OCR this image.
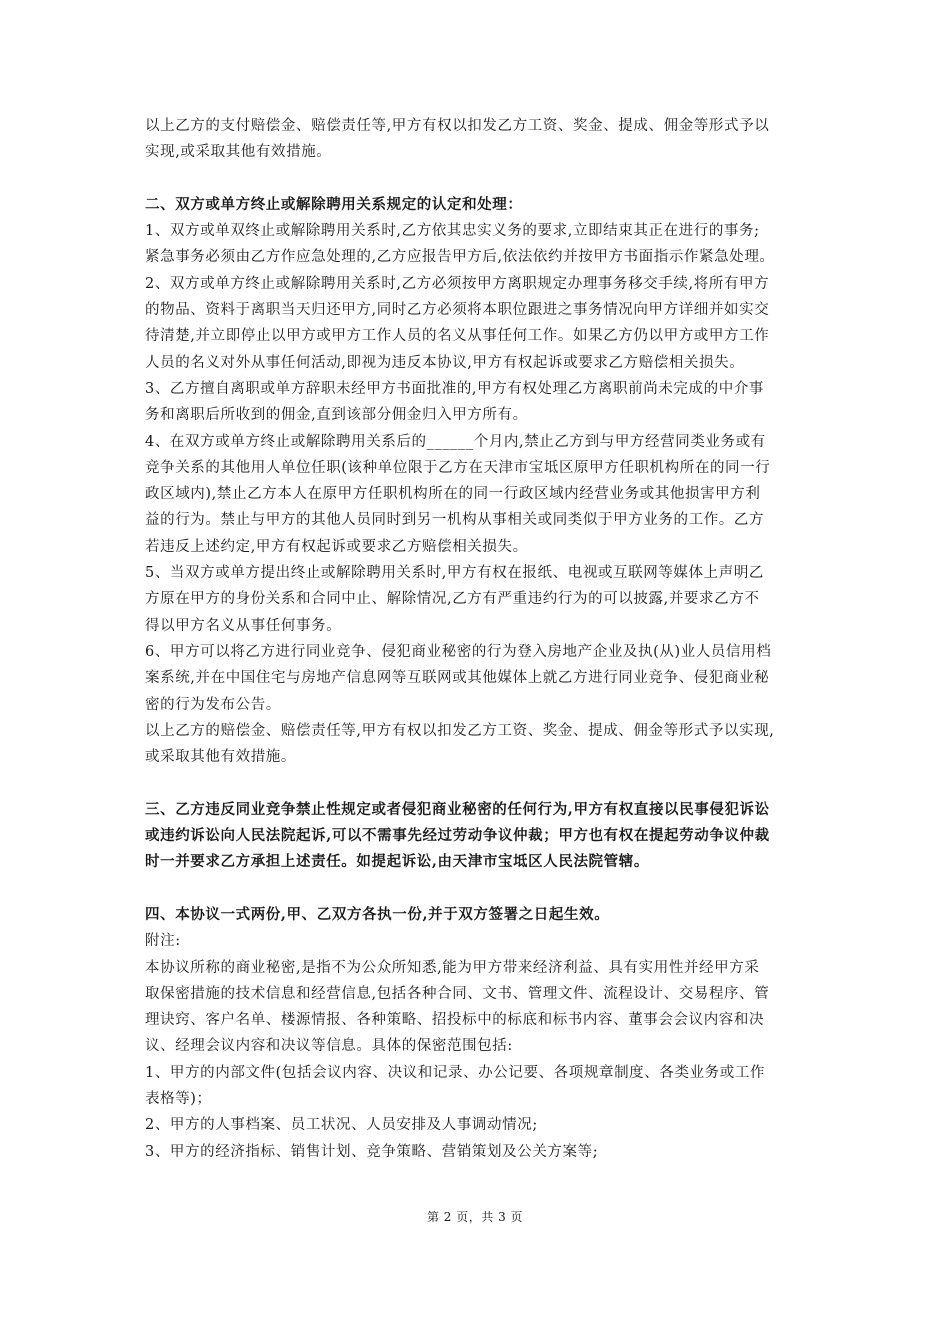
以上乙方的支付赔偿金、赔偿责任等,甲方有权以扣发乙方工资、奖金、提成、佣金等形式予以

实现,或采取其他有效措施。

二、双方或单方终止或解除聘用关系规定的认定和处理：

1、双方或单双终止或解除聘用关系时,乙方依其忠实义务的要求,立即结束其正在进行的事务;

紧急事务必须由乙方作应急处理的,乙方应报告甲方后,依法依约并按甲方书面指示作紧急处理。

2、双方或单方终止或解除聘用关系时,乙方必须按甲方离职规定办理事务移交手续,将所有甲方

的物品、资料于离职当天归还甲方,同时乙方必须将本职位跟进之事务情况向甲方详细并如实交

待清楚,并立即停止以甲方或甲方工作人员的名义从事任何工作。如果乙方仍以甲方或甲方工作

人员的名义对外从事任何活动,即视为违反本协议,甲方有权起诉或要求乙方赔偿相关损失。

3、乙方擅自离职或单方辞职未经甲方书面批准的,甲方有权处理乙方离职前尚未完成的中介事

务和离职后所收到的佣金,直到该部分佣金归入甲方所有。

4、在双方或单方终止或解除聘用关系后的______个月内,禁止乙方到与甲方经营同类业务或有

竞争关系的其他用人单位任职(该种单位限于乙方在天津市宝坻区原甲方任职机构所在的同一行

政区域内),禁止乙方本人在原甲方任职机构所在的同一行政区域内经营业务或其他损害甲方利

益的行为。禁止与甲方的其他人员同时到另一机构从事相关或同类似于甲方业务的工作。乙方

若违反上述约定,甲方有权起诉或要求乙方赔偿相关损失。

5、当双方或单方提出终止或解除聘用关系时,甲方有权在报纸、电视或互联网等媒体上声明乙

方原在甲方的身份关系和合同中止、解除情况,乙方有严重违约行为的可以披露,并要求乙方不

得以甲方名义从事任何事务。

6、甲方可以将乙方进行同业竞争、侵犯商业秘密的行为登入房地产企业及执(从)业人员信用档

案系统,并在中国住宅与房地产信息网等互联网或其他媒体上就乙方进行同业竞争、侵犯商业秘

密的行为发布公告。

以上乙方的赔偿金、赔偿责任等,甲方有权以扣发乙方工资、奖金、提成、佣金等形式予以实现,

或采取其他有效措施。

三、乙方违反同业竞争禁止性规定或者侵犯商业秘密的任何行为,甲方有权直接以民事侵犯诉讼

或违约诉讼向人民法院起诉,可以不需事先经过劳动争议仲裁；甲方也有权在提起劳动争议仲裁

时一并要求乙方承担上述责任。如提起诉讼,由天津市宝坻区人民法院管辖。

四、本协议一式两份,甲、乙双方各执一份,并于双方签署之日起生效。

附注:

本协议所称的商业秘密,是指不为公众所知悉,能为甲方带来经济利益、具有实用性并经甲方采

取保密措施的技术信息和经营信息,包括各种合同、文书、管理文件、流程设计、交易程序、管

理诀窍、客户名单、楼源情报、各种策略、招投标中的标底和标书内容、董事会会议内容和决

议、经理会议内容和决议等信息。具体的保密范围包括:

1、甲方的内部文件(包括会议内容、决议和记录、办公记要、各项规章制度、各类业务或工作

表格等)；

2、甲方的人事档案、员工状况、人员安排及人事调动情况;

3、甲方的经济指标、销售计划、竞争策略、营销策划及公关方案等;

第 2 页，共 3 页
